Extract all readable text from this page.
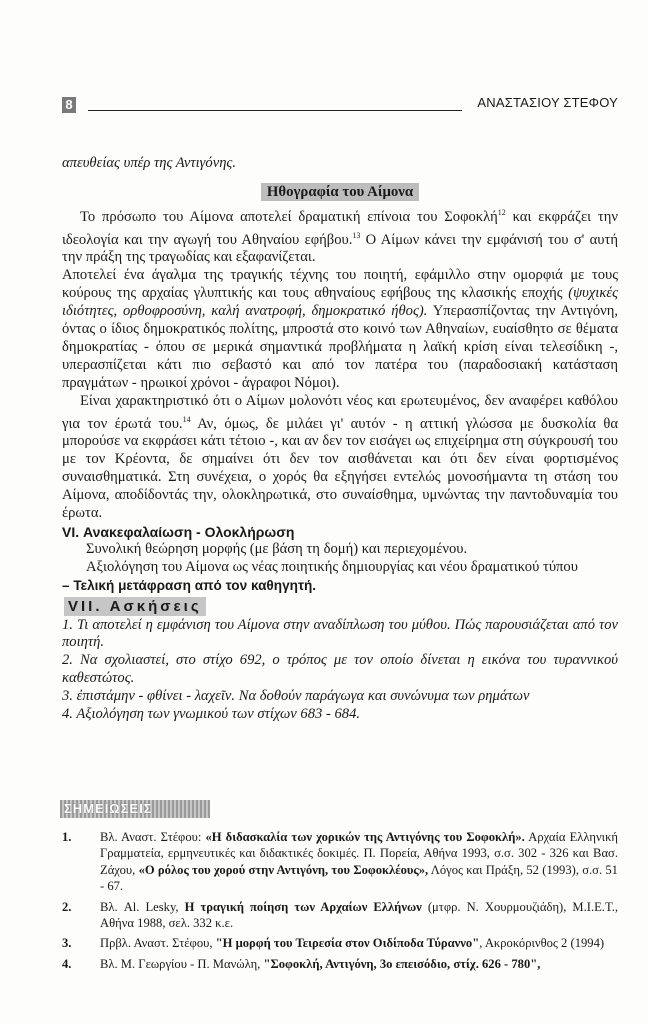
8	ΑΝΑΣΤΑΣΙΟΥ ΣΤΕΦΟΥ

απευθείας υπέρ της Αντιγόνης.

Ηθογραφία του Αίμονα

Το πρόσωπο του Αίμονα αποτελεί δραματική επίνοια του Σοφοκλή$^{12}$ και εκφράζει την ιδεολογία και την αγωγή του Αθηναίου εφήβου.$^{13}$ Ο Αίμων κάνει την εμφάνισή του σ' αυτή την πράξη της τραγωδίας και εξαφανίζεται.

Αποτελεί ένα άγαλμα της τραγικής τέχνης του ποιητή, εφάμιλλο στην ομορφιά με τους κούρους της αρχαίας γλυπτικής και τους αθηναίους εφήβους της κλασικής εποχής (ψυχικές ιδιότητες, ορθοφροσύνη, καλή ανατροφή, δημοκρατικό ήθος). Υπερασπίζοντας την Αντιγόνη, όντας ο ίδιος δημοκρατικός πολίτης, μπροστά στο κοινό των Αθηναίων, ευαίσθητο σε θέματα δημοκρατίας - όπου σε μερικά σημαντικά προβλήματα η λαϊκή κρίση είναι τελεσίδικη -, υπερασπίζεται κάτι πιο σεβαστό και από τον πατέρα του (παραδοσιακή κατάσταση πραγμάτων - ηρωικοί χρόνοι - άγραφοι Νόμοι).

Είναι χαρακτηριστικό ότι ο Αίμων μολονότι νέος και ερωτευμένος, δεν αναφέρει καθόλου για τον έρωτά του.$^{14}$ Αν, όμως, δε μιλάει γι' αυτόν - η αττική γλώσσα με δυσκολία θα μπορούσε να εκφράσει κάτι τέτοιο -, και αν δεν τον εισάγει ως επιχείρημα στη σύγκρουσή του με τον Κρέοντα, δε σημαίνει ότι δεν τον αισθάνεται και ότι δεν είναι φορτισμένος συναισθηματικά. Στη συνέχεια, ο χορός θα εξηγήσει εντελώς μονοσήμαντα τη στάση του Αίμονα, αποδίδοντάς την, ολοκληρωτικά, στο συναίσθημα, υμνώντας την παντοδυναμία του έρωτα.

VI. Ανακεφαλαίωση - Ολοκλήρωση

Συνολική θεώρηση μορφής (με βάση τη δομή) και περιεχομένου.

Αξιολόγηση του Αίμονα ως νέας ποιητικής δημιουργίας και νέου δραματικού τύπου

– Τελική μετάφραση από τον καθηγητή.

VII. Ασκήσεις

1. Τι αποτελεί η εμφάνιση του Αίμονα στην αναδίπλωση του μύθου. Πώς παρουσιάζεται από τον ποιητή.

2. Να σχολιαστεί, στο στίχο 692, ο τρόπος με τον οποίο δίνεται η εικόνα του τυραννικού καθεστώτος.

3. ἐπιστάμην - φθίνει - λαχεῖν. Να δοθούν παράγωγα και συνώνυμα των ρημάτων

4. Αξιολόγηση των γνωμικού των στίχων 683 - 684.

ΣΗΜΕΙΩΣΕΙΣ
1.	Βλ. Αναστ. Στέφου: «Η διδασκαλία των χορικών της Αντιγόνης του Σοφοκλή». Αρχαία Ελληνική Γραμματεία, ερμηνευτικές και διδακτικές δοκιμές. Π. Πορεία, Αθήνα 1993, σ.σ. 302 - 326 και Βασ. Ζάχου, «Ο ρόλος του χορού στην Αντιγόνη, του Σοφοκλέους», Λόγος και Πράξη, 52 (1993), σ.σ. 51 - 67.
2.	Βλ. Al. Lesky, Η τραγική ποίηση των Αρχαίων Ελλήνων (μτφρ. Ν. Χουρμουζιάδη), Μ.Ι.Ε.Τ., Αθήνα 1988, σελ. 332 κ.ε.
3.	Πρβλ. Αναστ. Στέφου, "Η μορφή του Τειρεσία στον Οιδίποδα Τύραννο", Ακροκόρινθος 2 (1994)
4.	Βλ. Μ. Γεωργίου - Π. Μανώλη, "Σοφοκλή, Αντιγόνη, 3ο επεισόδιο, στίχ. 626 - 780",
